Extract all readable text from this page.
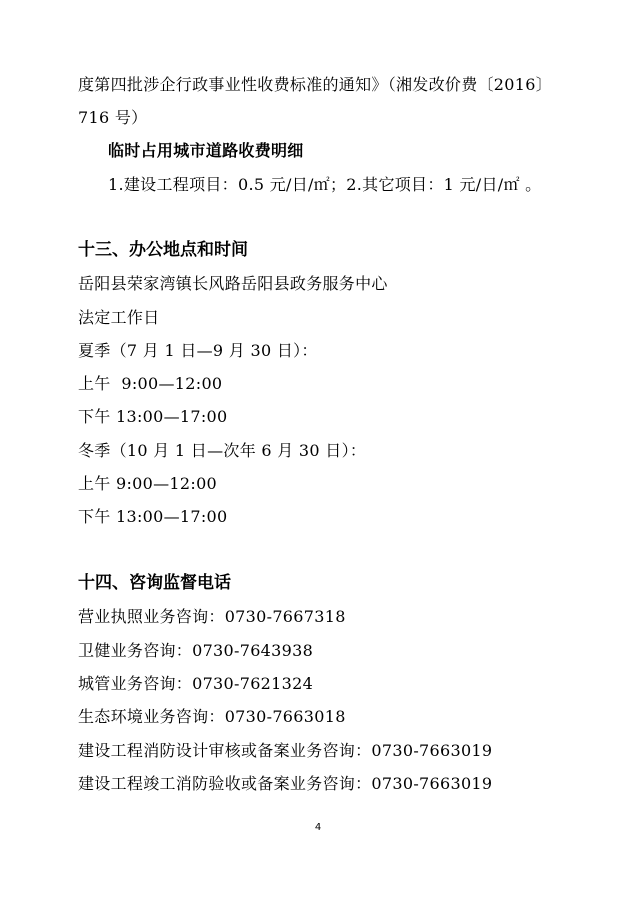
度第四批涉企行政事业性收费标准的通知》（湘发改价费〔2016〕
716 号）
临时占用城市道路收费明细
1.建设工程项目：0.5 元/日/㎡；2.其它项目：1 元/日/㎡ 。
十三、办公地点和时间
岳阳县荣家湾镇长风路岳阳县政务服务中心
法定工作日
夏季（7 月 1 日—9 月 30 日）：
上午  9:00—12:00
下午 13:00—17:00
冬季（10 月 1 日—次年 6 月 30 日）：
上午 9:00—12:00
下午 13:00—17:00
十四、咨询监督电话
营业执照业务咨询：0730-7667318
卫健业务咨询：0730-7643938
城管业务咨询：0730-7621324
生态环境业务咨询：0730-7663018
建设工程消防设计审核或备案业务咨询：0730-7663019
建设工程竣工消防验收或备案业务咨询：0730-7663019
4
